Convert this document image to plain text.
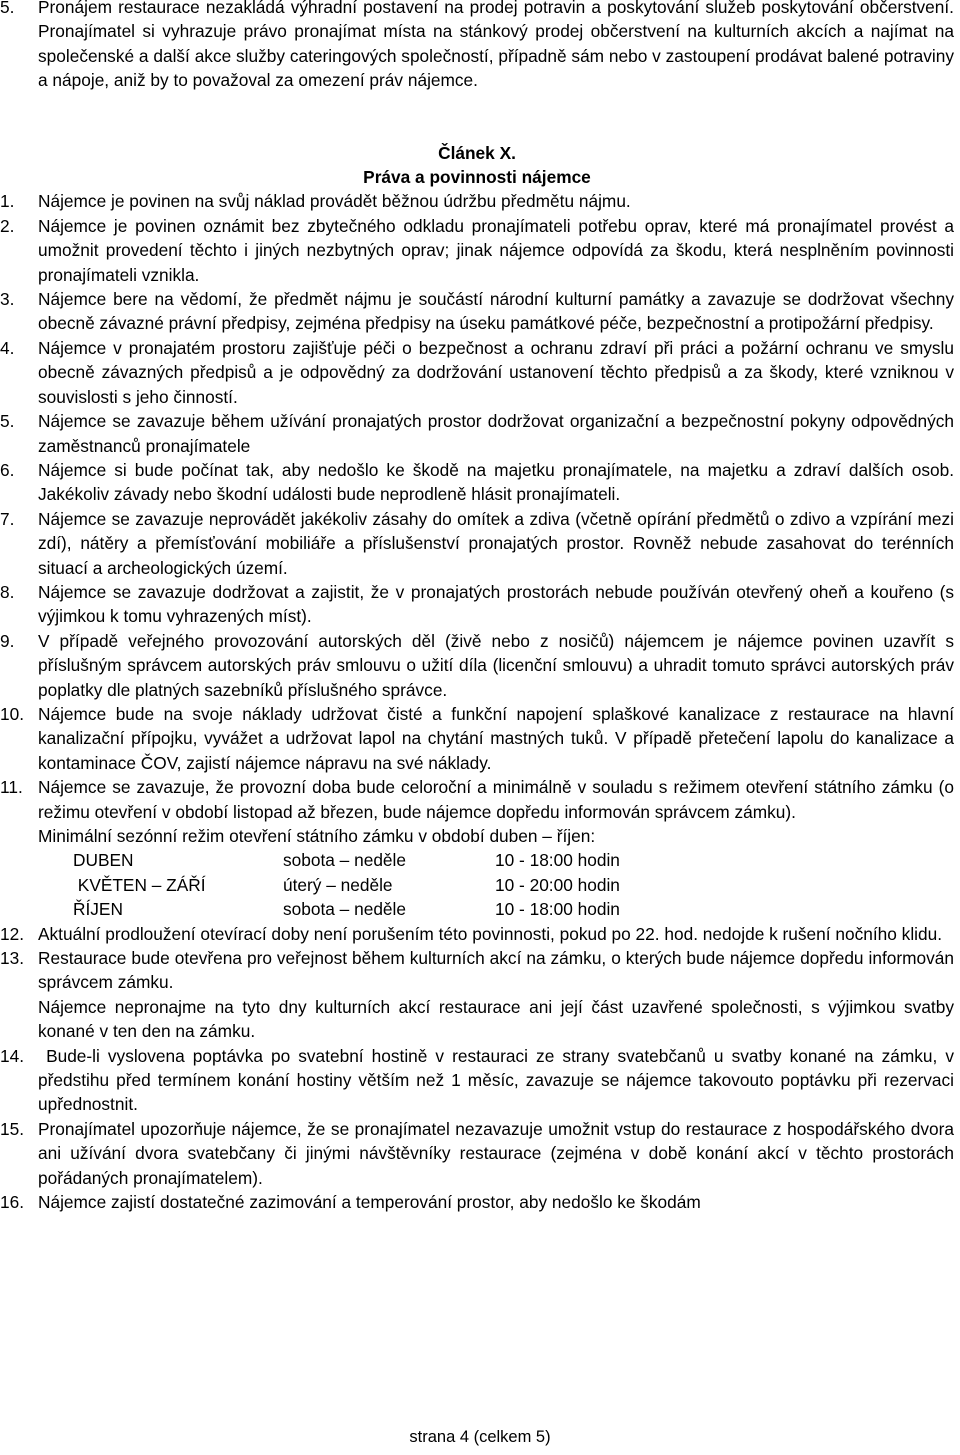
5.	Pronájem restaurace nezakládá výhradní postavení na prodej potravin a poskytování služeb poskytování občerstvení. Pronajímatel si vyhrazuje právo pronajímat místa na stánkový prodej občerstvení na kulturních akcích a najímat na společenské a další akce služby cateringových společností, případně sám nebo v zastoupení prodávat balené potraviny a nápoje, aniž by to považoval za omezení práv nájemce.
Článek X.
Práva a povinnosti nájemce
1.	Nájemce je povinen na svůj náklad provádět běžnou údržbu předmětu nájmu.
2.	Nájemce je povinen oznámit bez zbytečného odkladu pronajímateli potřebu oprav, které má pronajímatel provést a umožnit provedení těchto i jiných nezbytných oprav; jinak nájemce odpovídá za škodu, která nesplněním povinnosti pronajímateli vznikla.
3.	Nájemce bere na vědomí, že předmět nájmu je součástí národní kulturní památky a zavazuje se dodržovat všechny obecně závazné právní předpisy, zejména předpisy na úseku památkové péče, bezpečnostní a protipožární předpisy.
4.	Nájemce v pronajatém prostoru zajišťuje péči o bezpečnost a ochranu zdraví při práci a požární ochranu ve smyslu obecně závazných předpisů a je odpovědný za dodržování ustanovení těchto předpisů a za škody, které vzniknou v souvislosti s jeho činností.
5.	Nájemce se zavazuje během užívání pronajatých prostor dodržovat organizační a bezpečnostní pokyny odpovědných zaměstnanců pronajímatele
6.	Nájemce si bude počínat tak, aby nedošlo ke škodě na majetku pronajímatele, na majetku a zdraví dalších osob. Jakékoliv závady nebo škodní události bude neprodleně hlásit pronajímateli.
7.	Nájemce se zavazuje neprovádět jakékoliv zásahy do omítek a zdiva (včetně opírání předmětů o zdivo a vzpírání mezi zdí), nátěry a přemísťování mobiliáře a příslušenství pronajatých prostor. Rovněž nebude zasahovat do terénních situací a archeologických území.
8.	Nájemce se zavazuje dodržovat a zajistit, že v pronajatých prostorách nebude používán otevřený oheň a kouřeno (s výjimkou k tomu vyhrazených míst).
9.	V případě veřejného provozování autorských děl (živě nebo z nosičů) nájemcem je nájemce povinen uzavřít s příslušným správcem autorských práv smlouvu o užití díla (licenční smlouvu) a uhradit tomuto správci autorských práv poplatky dle platných sazebníků příslušného správce.
10. Nájemce bude na svoje náklady udržovat čisté a funkční napojení splaškové kanalizace z restaurace na hlavní kanalizační přípojku, vyvážet a udržovat lapol na chytání mastných tuků. V případě přetečení lapolu do kanalizace a kontaminace ČOV, zajistí nájemce nápravu na své náklady.
11. Nájemce se zavazuje, že provozní doba bude celoroční a minimálně v souladu s režimem otevření státního zámku (o režimu otevření v období listopad až březen, bude nájemce dopředu informován správcem zámku).
Minimální sezónní režim otevření státního zámku v období duben – říjen:
DUBEN	sobota – neděle	10 - 18:00 hodin
KVĚTEN – ZÁŘÍ	úterý – neděle	10 - 20:00 hodin
ŘÍJEN	sobota – neděle	10 - 18:00 hodin
12. Aktuální prodloužení otevírací doby není porušením této povinnosti, pokud po 22. hod. nedojde k rušení nočního klidu.
13. Restaurace bude otevřena pro veřejnost během kulturních akcí na zámku, o kterých bude nájemce dopředu informován správcem zámku.
Nájemce nepronajme na tyto dny kulturních akcí restaurace ani její část uzavřené společnosti, s výjimkou svatby konané v ten den na zámku.
14. Bude-li vyslovena poptávka po svatební hostině v restauraci ze strany svatebčanů u svatby konané na zámku, v předstihu před termínem konání hostiny větším než 1 měsíc, zavazuje se nájemce takovouto poptávku při rezervaci upřednostnit.
15. Pronajímatel upozorňuje nájemce, že se pronajímatel nezavazuje umožnit vstup do restaurace z hospodářského dvora ani užívání dvora svatebčany či jinými návštěvníky restaurace (zejména v době konání akcí v těchto prostorách pořádaných pronajímatelem).
16. Nájemce zajistí dostatečné zazimování a temperování prostor, aby nedošlo ke škodám
strana 4 (celkem 5)
